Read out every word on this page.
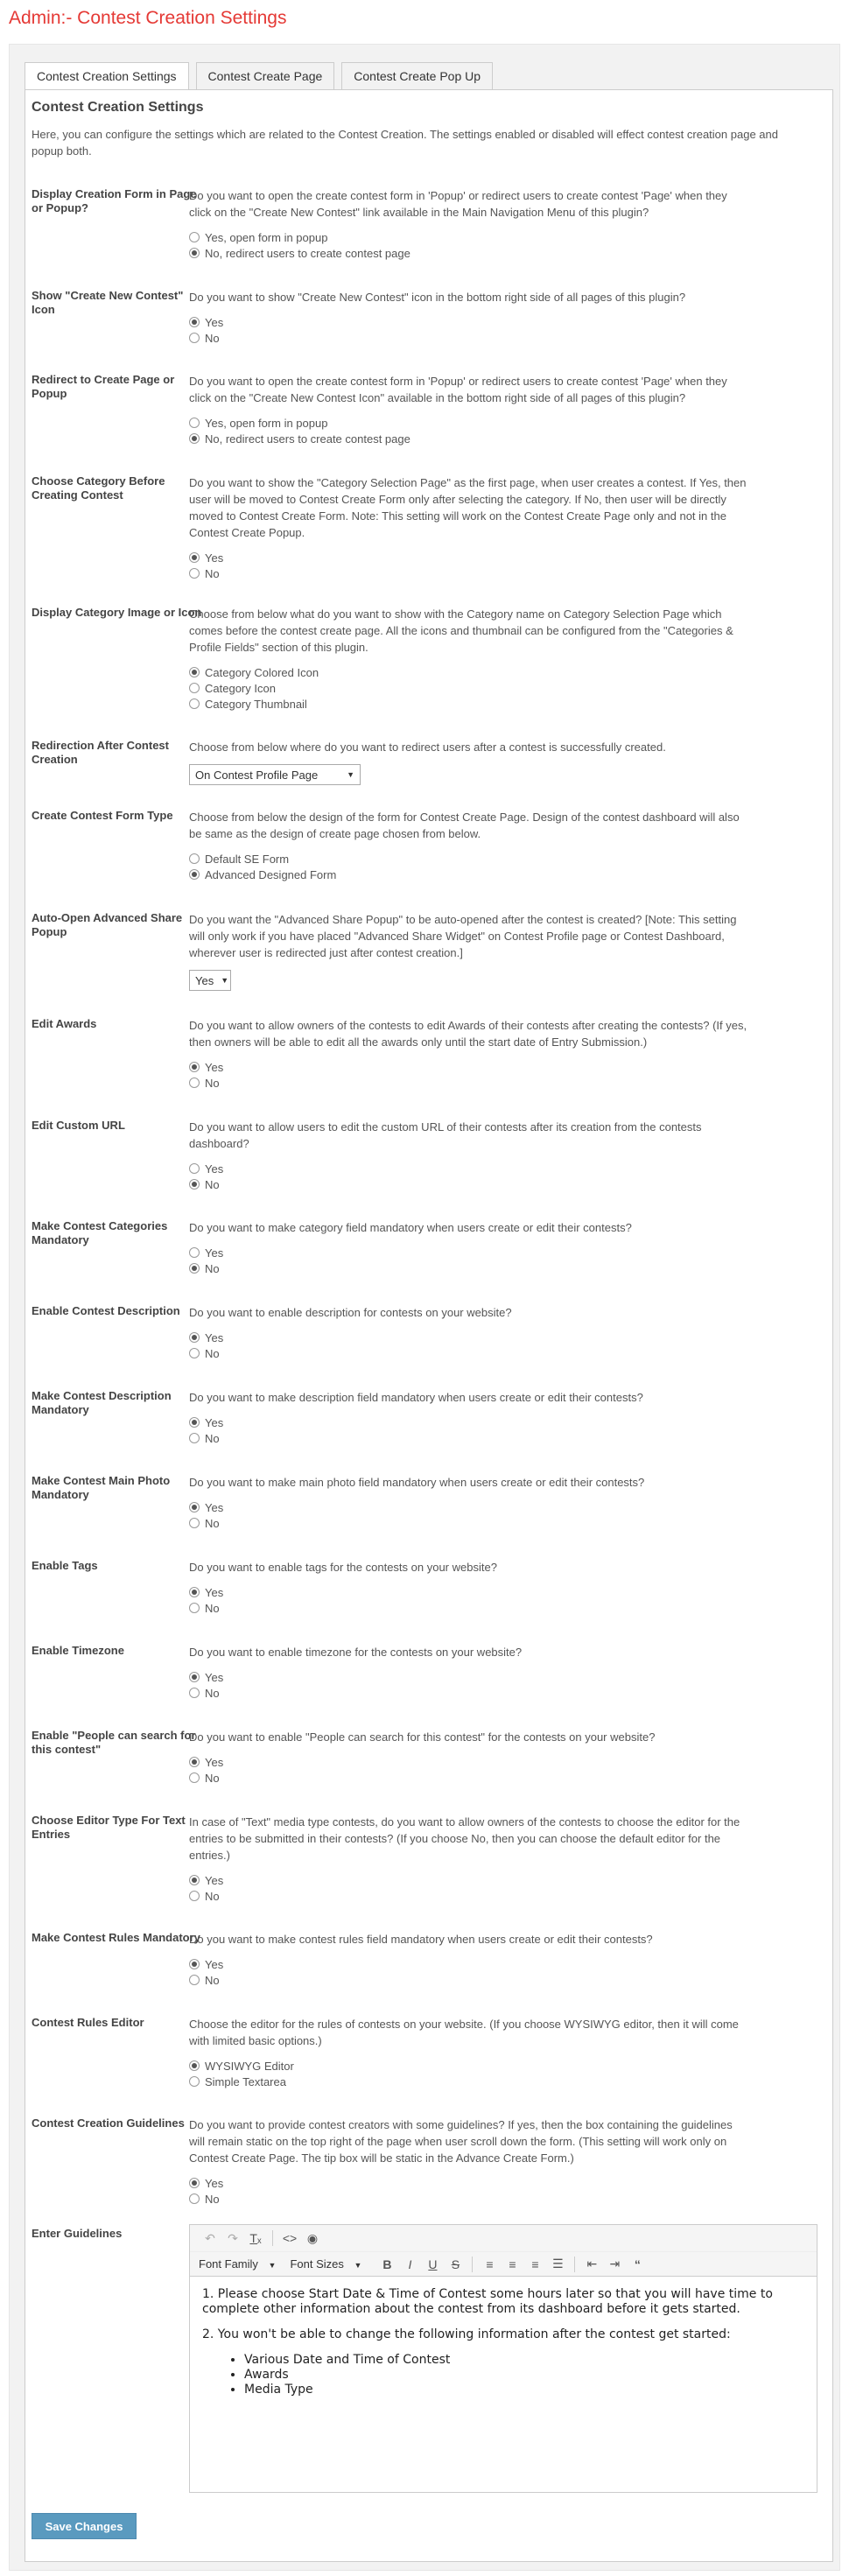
Admin:- Contest Creation Settings
Contest Creation Settings	Contest Create Page	Contest Create Pop Up
Contest Creation Settings

Here, you can configure the settings which are related to the Contest Creation. The settings enabled or disabled will effect contest creation page and popup both.

Display Creation Form in Page or Popup?

Do you want to open the create contest form in 'Popup' or redirect users to create contest 'Page' when they click on the "Create New Contest" link available in the Main Navigation Menu of this plugin?

Yes, open form in popup
No, redirect users to create contest page
Show "Create New Contest" Icon

Do you want to show "Create New Contest" icon in the bottom right side of all pages of this plugin?

Yes
No
Redirect to Create Page or Popup

Do you want to open the create contest form in 'Popup' or redirect users to create contest 'Page' when they click on the "Create New Contest Icon" available in the bottom right side of all pages of this plugin?

Yes, open form in popup
No, redirect users to create contest page
Choose Category Before Creating Contest

Do you want to show the "Category Selection Page" as the first page, when user creates a contest. If Yes, then user will be moved to Contest Create Form only after selecting the category. If No, then user will be directly moved to Contest Create Form. Note: This setting will work on the Contest Create Page only and not in the Contest Create Popup.

Yes
No
Display Category Image or Icon

Choose from below what do you want to show with the Category name on Category Selection Page which comes before the contest create page. All the icons and thumbnail can be configured from the "Categories & Profile Fields" section of this plugin.

Category Colored Icon
Category Icon
Category Thumbnail
Redirection After Contest Creation

Choose from below where do you want to redirect users after a contest is successfully created.

On Contest Profile Page	▼
Create Contest Form Type	Choose from below the design of the form for Contest Create Page. Design of the contest dashboard will also be same as the design of create page chosen from below.

Default SE Form
Advanced Designed Form
Auto-Open Advanced Share Popup

Do you want the "Advanced Share Popup" to be auto-opened after the contest is created? [Note: This setting will only work if you have placed "Advanced Share Widget" on Contest Profile page or Contest Dashboard, wherever user is redirected just after contest creation.]

Yes ▼
Edit Awards	Do you want to allow owners of the contests to edit Awards of their contests after creating the contests? (If yes, then owners will be able to edit all the awards only until the start date of Entry Submission.)

Yes
No
Edit Custom URL	Do you want to allow users to edit the custom URL of their contests after its creation from the contests dashboard?

Yes
No
Make Contest Categories Mandatory

Do you want to make category field mandatory when users create or edit their contests?

Yes
No
Enable Contest Description Do you want to enable description for contests on your website?

Yes
No
Make Contest Description Mandatory

Do you want to make description field mandatory when users create or edit their contests?

Yes
No
Make Contest Main Photo Mandatory

Do you want to make main photo field mandatory when users create or edit their contests?

Yes
No
Enable Tags	Do you want to enable tags for the contests on your website?

Yes
No
Enable Timezone	Do you want to enable timezone for the contests on your website?

Yes
No
Enable "People can search for this contest"

Do you want to enable "People can search for this contest" for the contests on your website?

Yes
No
Choose Editor Type For Text Entries

In case of "Text" media type contests, do you want to allow owners of the contests to choose the editor for the entries to be submitted in their contests? (If you choose No, then you can choose the default editor for the entries.)

Yes
No
Make Contest Rules Mandatory

Do you want to make contest rules field mandatory when users create or edit their contests?

Yes
No
Contest Rules Editor	Choose the editor for the rules of contests on your website. (If you choose WYSIWYG editor, then it will come with limited basic options.)

WYSIWYG Editor
Simple Textarea
Contest Creation Guidelines Do you want to provide contest creators with some guidelines? If yes, then the box containing the guidelines will remain static on the top right of the page when user scroll down the form. (This setting will work only on Contest Create Page. The tip box will be static in the Advance Create Form.)

Yes
No
Enter Guidelines	↶	↷ Tₓ	<> ◉
Font Family ▼ Font Sizes ▼	B	I	U	S	≡	≡	≡	☰	⇤	⇥	“

1. Please choose Start Date & Time of Contest some hours later so that you will have time to complete other information about the contest from its dashboard before it gets started.

2. You won't be able to change the following information after the contest get started:

• Various Date and Time of Contest
• Awards
• Media Type
Save Changes
